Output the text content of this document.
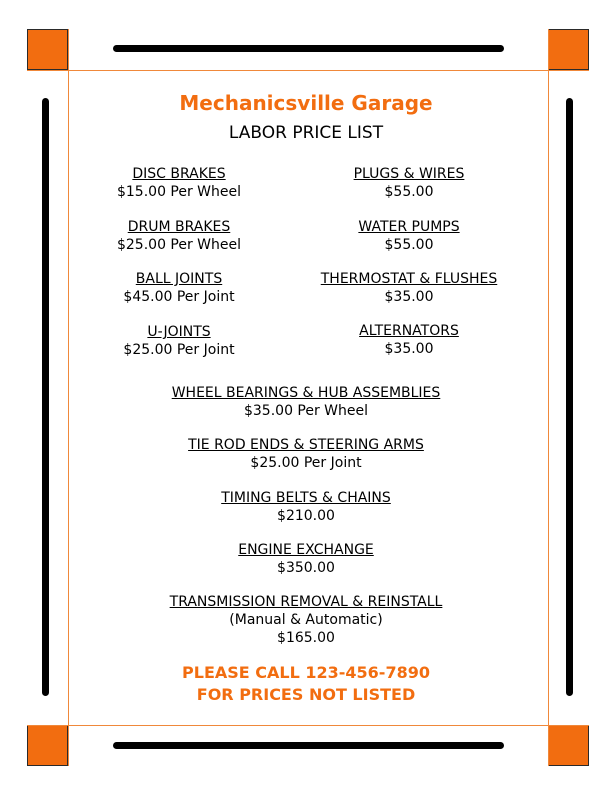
Mechanicsville Garage
LABOR PRICE LIST
DISC BRAKES
$15.00 Per Wheel
DRUM BRAKES
$25.00 Per Wheel
BALL JOINTS
$45.00 Per Joint
U-JOINTS
$25.00 Per Joint
PLUGS & WIRES
$55.00
WATER PUMPS
$55.00
THERMOSTAT & FLUSHES
$35.00
ALTERNATORS
$35.00
WHEEL BEARINGS & HUB ASSEMBLIES
$35.00 Per Wheel
TIE ROD ENDS & STEERING ARMS
$25.00 Per Joint
TIMING BELTS & CHAINS
$210.00
ENGINE EXCHANGE
$350.00
TRANSMISSION REMOVAL & REINSTALL
(Manual & Automatic)
$165.00
PLEASE CALL 123-456-7890
FOR PRICES NOT LISTED
